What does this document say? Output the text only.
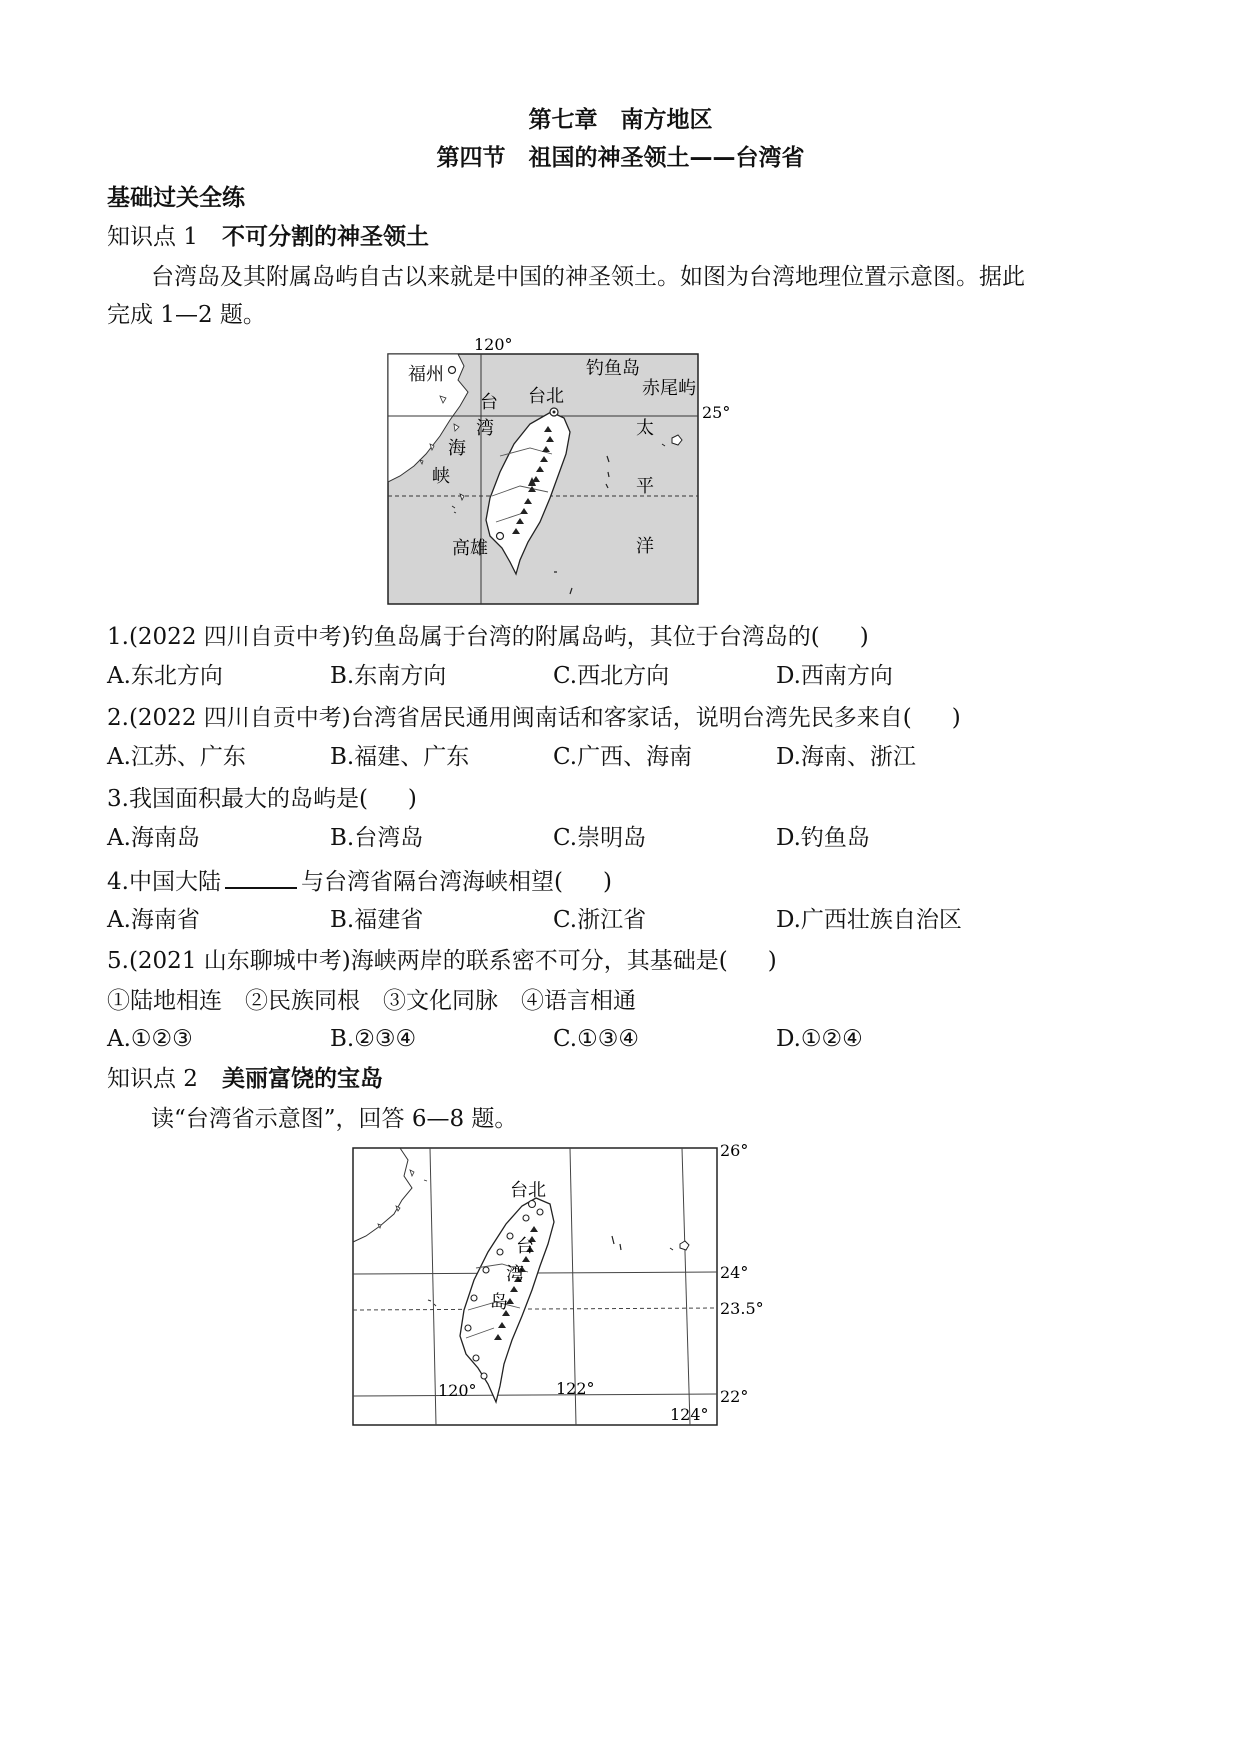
第七章　南方地区
第四节　祖国的神圣领土——台湾省
基础过关全练
知识点 1 不可分割的神圣领土
台湾岛及其附属岛屿自古以来就是中国的神圣领土。如图为台湾地理位置示意图。据此
完成 1—2 题。
120°
25°
福州
台北
钓鱼岛
赤尾屿
高雄
台
湾
海
峡
太
平
洋
1.(2022 四川自贡中考)钓鱼岛属于台湾的附属岛屿，其位于台湾岛的( )
A.东北方向	B.东南方向	C.西北方向	D.西南方向
2.(2022 四川自贡中考)台湾省居民通用闽南话和客家话，说明台湾先民多来自( )
A.江苏、广东	B.福建、广东	C.广西、海南	D.海南、浙江
3.我国面积最大的岛屿是( )
A.海南岛	B.台湾岛	C.崇明岛	D.钓鱼岛
4.中国大陆	与台湾省隔台湾海峡相望( )
A.海南省	B.福建省	C.浙江省	D.广西壮族自治区
5.(2021 山东聊城中考)海峡两岸的联系密不可分，其基础是( )
①陆地相连　②民族同根　③文化同脉　④语言相通
A.①②③	B.②③④	C.①③④	D.①②④
知识点 2 美丽富饶的宝岛
读“台湾省示意图”，回答 6—8 题。
台北
台
湾
岛
26°
24°
23.5°
22°
120°	122°
124°
